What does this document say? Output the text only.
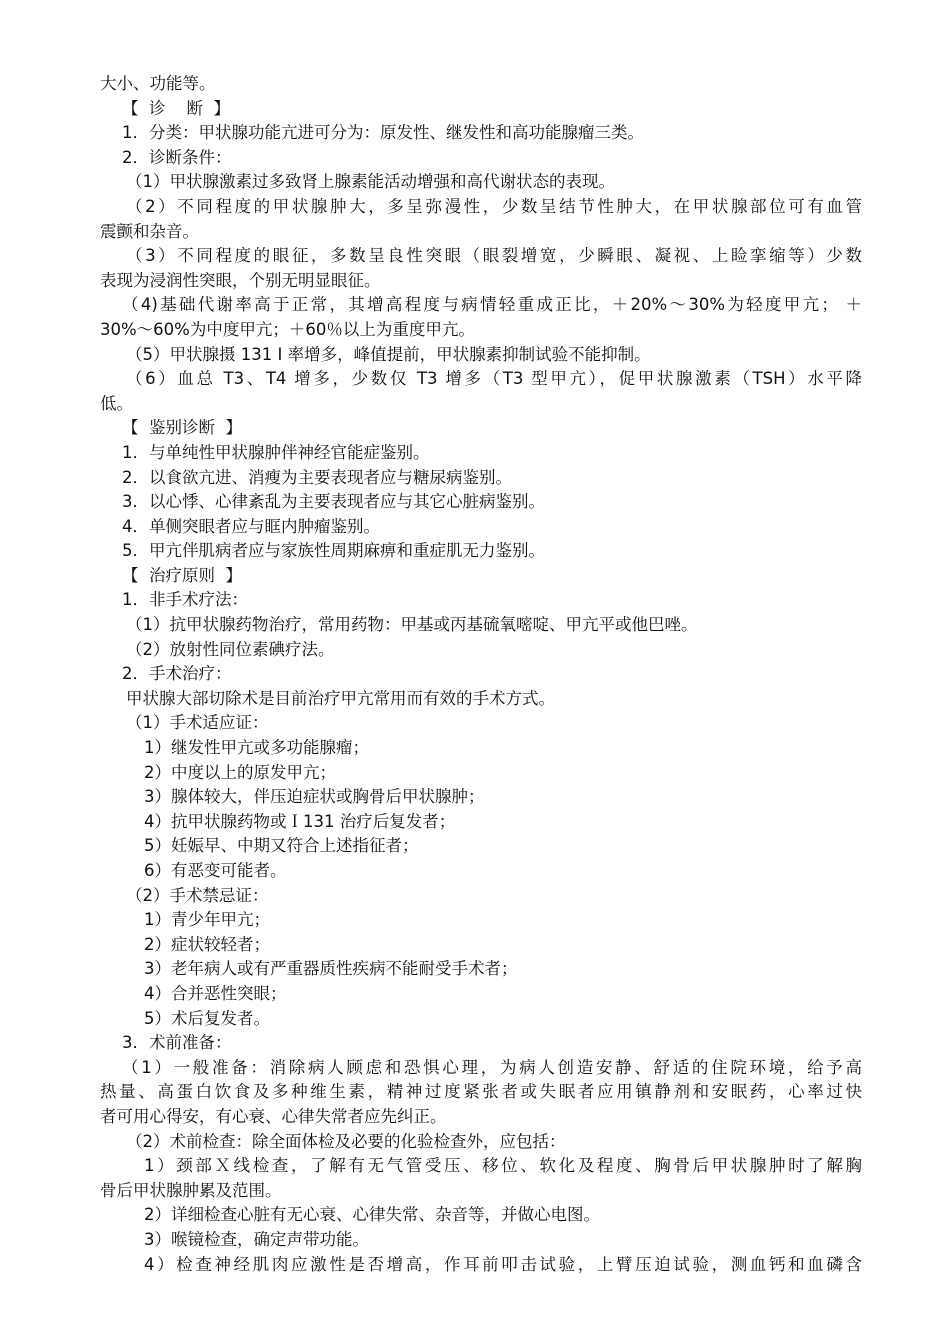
大小、功能等。
【  诊    断  】
1．分类：甲状腺功能亢进可分为：原发性、继发性和高功能腺瘤三类。
2．诊断条件：
（1）甲状腺激素过多致肾上腺素能活动增强和高代谢状态的表现。
（2）不同程度的甲状腺肿大，多呈弥漫性，少数呈结节性肿大，在甲状腺部位可有血管
震颤和杂音。
（3）不同程度的眼征，多数呈良性突眼（眼裂增宽，少瞬眼、凝视、上睑挛缩等）少数
表现为浸润性突眼，个别无明显眼征。
（4)基础代谢率高于正常，其增高程度与病情轻重成正比，＋20%～30%为轻度甲亢； ＋
30%～60%为中度甲亢；＋60％以上为重度甲亢。
（5）甲状腺摄 131 I 率增多，峰值提前，甲状腺素抑制试验不能抑制。
（6）血总 T3、T4 增多，少数仅 T3 增多（T3 型甲亢），促甲状腺激素（TSH）水平降
低。
【  鉴别诊断  】
1．与单纯性甲状腺肿伴神经官能症鉴别。
2．以食欲亢进、消瘦为主要表现者应与糖尿病鉴别。
3．以心悸、心律紊乱为主要表现者应与其它心脏病鉴别。
4．单侧突眼者应与眶内肿瘤鉴别。
5．甲亢伴肌病者应与家族性周期麻痹和重症肌无力鉴别。
【  治疗原则  】
1．非手术疗法：
（1）抗甲状腺药物治疗，常用药物：甲基或丙基硫氧嘧啶、甲亢平或他巴唑。
（2）放射性同位素碘疗法。
2．手术治疗：
甲状腺大部切除术是目前治疗甲亢常用而有效的手术方式。
（1）手术适应证：
1）继发性甲亢或多功能腺瘤；
2）中度以上的原发甲亢；
3）腺体较大，伴压迫症状或胸骨后甲状腺肿；
4）抗甲状腺药物或Ｉ131 治疗后复发者；
5）妊娠早、中期又符合上述指征者；
6）有恶变可能者。
（2）手术禁忌证：
1）青少年甲亢；
2）症状较轻者；
3）老年病人或有严重器质性疾病不能耐受手术者；
4）合并恶性突眼；
5）术后复发者。
3．术前准备：
（1）一般准备：消除病人顾虑和恐惧心理，为病人创造安静、舒适的住院环境，给予高
热量、高蛋白饮食及多种维生素，精神过度紧张者或失眠者应用镇静剂和安眠药，心率过快
者可用心得安，有心衰、心律失常者应先纠正。
（2）术前检查：除全面体检及必要的化验检查外，应包括：
1）颈部Ｘ线检查，了解有无气管受压、移位、软化及程度、胸骨后甲状腺肿时了解胸
骨后甲状腺肿累及范围。
2）详细检查心脏有无心衰、心律失常、杂音等，并做心电图。
3）喉镜检查，确定声带功能。
4）检查神经肌肉应激性是否增高，作耳前叩击试验，上臂压迫试验，测血钙和血磷含
